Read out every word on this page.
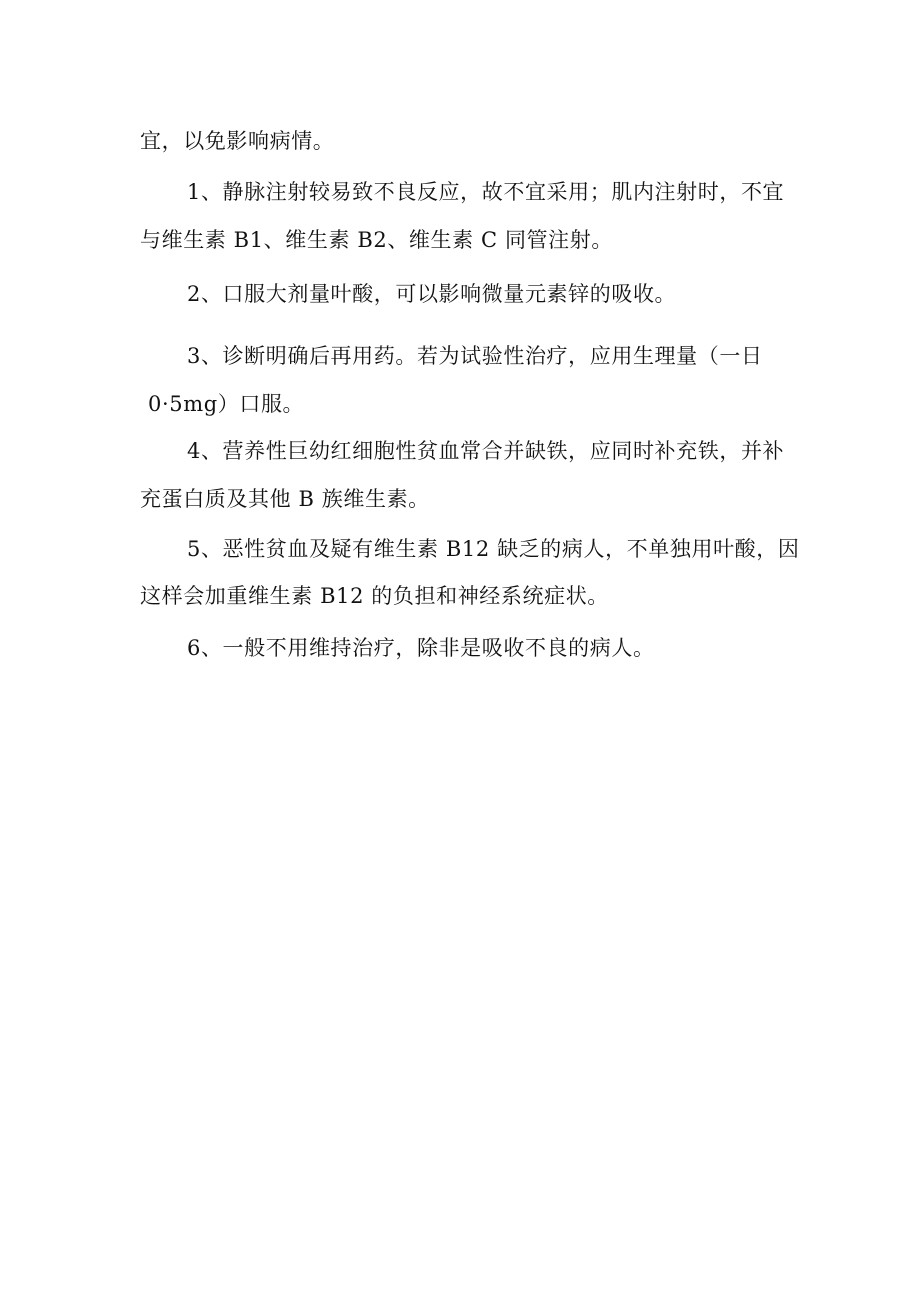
宜，以免影响病情。

1、静脉注射较易致不良反应，故不宜采用；肌内注射时，不宜

与维生素 B1、维生素 B2、维生素 C 同管注射。

2、口服大剂量叶酸，可以影响微量元素锌的吸收。

3、诊断明确后再用药。若为试验性治疗，应用生理量（一日

0·5mg）口服。

4、营养性巨幼红细胞性贫血常合并缺铁，应同时补充铁，并补

充蛋白质及其他 B 族维生素。

5、恶性贫血及疑有维生素 B12 缺乏的病人，不单独用叶酸，因

这样会加重维生素 B12 的负担和神经系统症状。

6、一般不用维持治疗，除非是吸收不良的病人。
